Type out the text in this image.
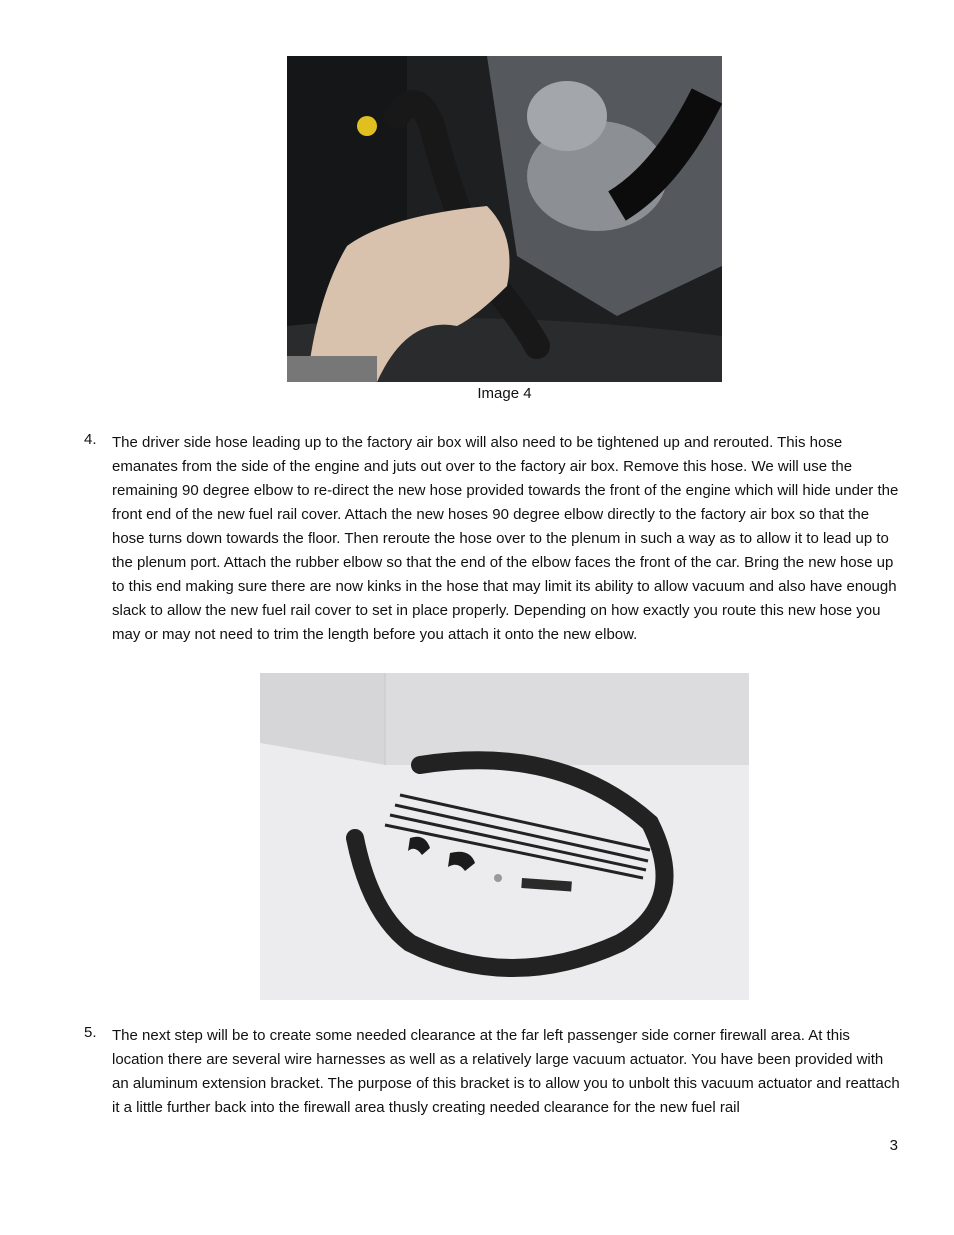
Image 4
4.	The driver side hose leading up to the factory air box will also need to be tightened up and rerouted. This hose emanates from the side of the engine and juts out over to the factory air box. Remove this hose. We will use the remaining 90 degree elbow to re-direct the new hose provided towards the front of the engine which will hide under the front end of the new fuel rail cover. Attach the new hoses 90 degree elbow directly to the factory air box so that the hose turns down towards the floor. Then reroute the hose over to the plenum in such a way as to allow it to lead up to the plenum port. Attach the rubber elbow so that the end of the elbow faces the front of the car. Bring the new hose up to this end making sure there are now kinks in the hose that may limit its ability to allow vacuum and also have enough slack to allow the new fuel rail cover to set in place properly. Depending on how exactly you route this new hose you may or may not need to trim the length before you attach it onto the new elbow.
5.	The next step will be to create some needed clearance at the far left passenger side corner firewall area. At this location there are several wire harnesses as well as a relatively large vacuum actuator. You have been provided with an aluminum extension bracket. The purpose of this bracket is to allow you to unbolt this vacuum actuator and reattach it a little further back into the firewall area thusly creating needed clearance for the new fuel rail
3
